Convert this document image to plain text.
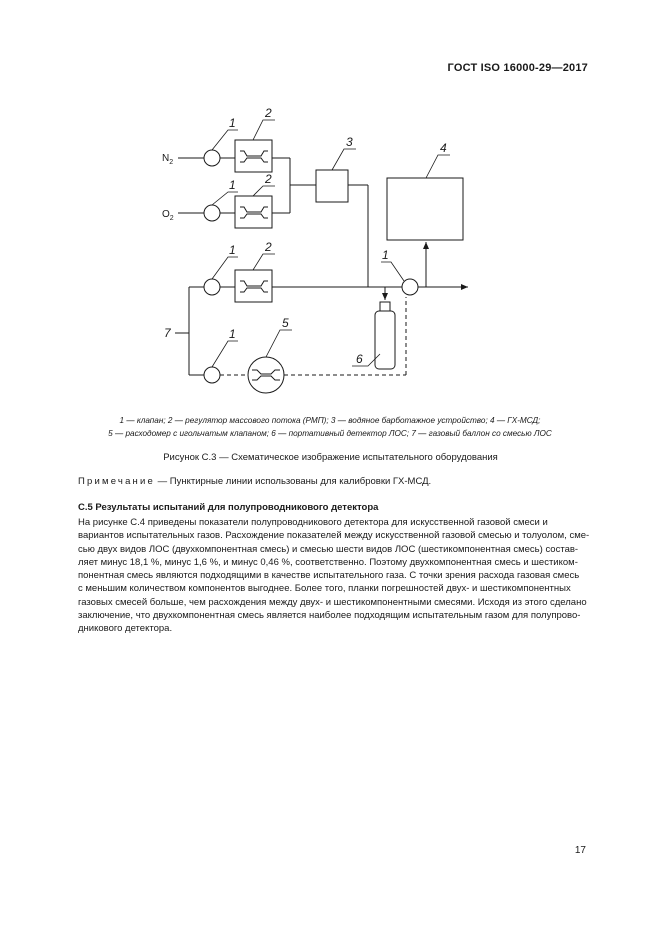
ГОСТ ISO 16000-29—2017
$N_2$
$O_2$
1
2
1 2
1 2
3	4
1
1
5
6
7
1 — клапан; 2 — регулятор массового потока (РМП); 3 — водяное барботажное устройство; 4 — ГХ-МСД;
5 — расходомер с игольчатым клапаном; 6 — портативный детектор ЛОС; 7 — газовый баллон со смесью ЛОС
Рисунок С.3 — Схематическое изображение испытательного оборудования
Примечание — Пунктирные линии использованы для калибровки ГХ-МСД.
С.5 Результаты испытаний для полупроводникового детектора
На рисунке С.4 приведены показатели полупроводникового детектора для искусственной газовой смеси и
вариантов испытательных газов. Расхождение показателей между искусственной газовой смесью и толуолом, сме-
сью двух видов ЛОС (двухкомпонентная смесь) и смесью шести видов ЛОС (шестикомпонентная смесь) состав-
ляет минус 18,1 %, минус 1,6 %, и минус 0,46 %, соответственно. Поэтому двухкомпонентная смесь и шестиком-
понентная смесь являются подходящими в качестве испытательного газа. С точки зрения расхода газовая смесь
с меньшим количеством компонентов выгоднее. Более того, планки погрешностей двух- и шестикомпонентных
газовых смесей больше, чем расхождения между двух- и шестикомпонентными смесями. Исходя из этого сделано
заключение, что двухкомпонентная смесь является наиболее подходящим испытательным газом для полупрово-
дникового детектора.
17
